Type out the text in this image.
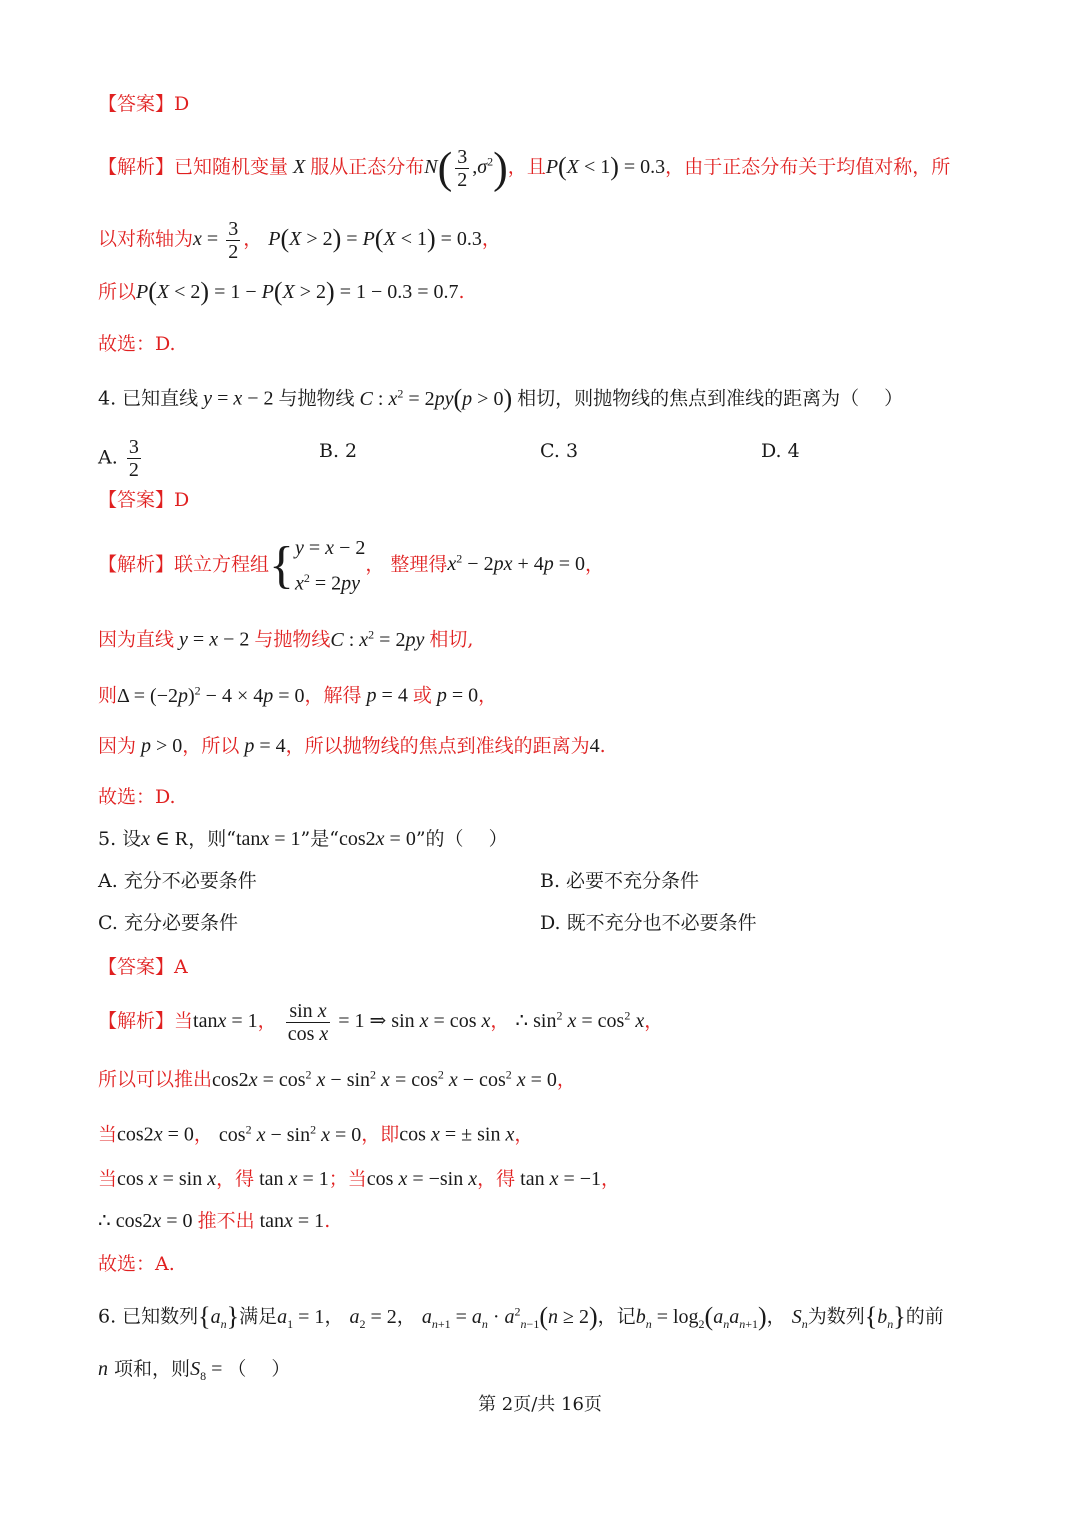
【答案】D
【解析】已知随机变量 X 服从正态分布$N( \frac{3}{2} ,\sigma^2)$，且P(X < 1) = 0.3，由于正态分布关于均值对称，所
以对称轴为$x = \frac{3}{2}$ ， P(X > 2) = P(X < 1) = 0.3，
所以P(X < 2) = 1 − P(X > 2) = 1 − 0.3 = 0.7.
故选：D.
4. 已知直线 y = x − 2 与抛物线 C : $x^2 = 2py(p > 0)$ 相切，则抛物线的焦点到准线的距离为（　 ）
A. $\frac{3}{2}$	B. 2	C. 3	D. 4
【答案】D
【解析】联立方程组{ y = x − 2
$x^2 = 2py$
， 整理得$x^2 - 2px + 4p = 0$，
因为直线 y = x − 2 与抛物线C : $x^2 = 2py$ 相切,
则$\Delta = (-2p)^2 - 4 \times 4p = 0$，解得 p = 4 或 p = 0，
因为 p > 0，所以 p = 4，所以抛物线的焦点到准线的距离为4.
故选：D.
5. 设x ∈ R，则“tanx = 1”是“cos2x = 0”的（　 ）
A. 充分不必要条件	B. 必要不充分条件
C. 充分必要条件	D. 既不充分也不必要条件
【答案】A
【解析】当tanx = 1， $\frac{\text{sin x}}{\text{cos x}} = 1$ ⇒ sin x = cos x， ∴ $\sin^2 x = \cos^2 x$，
所以可以推出$\cos 2x = \cos^2 x - \sin^2 x = \cos^2 x - \cos^2 x = 0$，
当cos2x = 0， $\cos^2 x - \sin^2 x = 0$，即cos x = ± sin x，
当cos x = sin x，得 tan x = 1；当cos x = −sin x，得 tan x = −1，
∴ cos2x = 0 推不出 tanx = 1.
故选：A.
6. 已知数列$\{a_n\}$满足$a_1 = 1$， $a_2 = 2$， $a_{n+1} = a_n \cdot a^2_{n-1}(n \ge 2)$，记$b_n = \log_2(a_na_{n+1})$， $S_n$为数列$\{b_n\}$的前
n 项和，则$S_8$ = （　 ）
第 2页/共 16页
